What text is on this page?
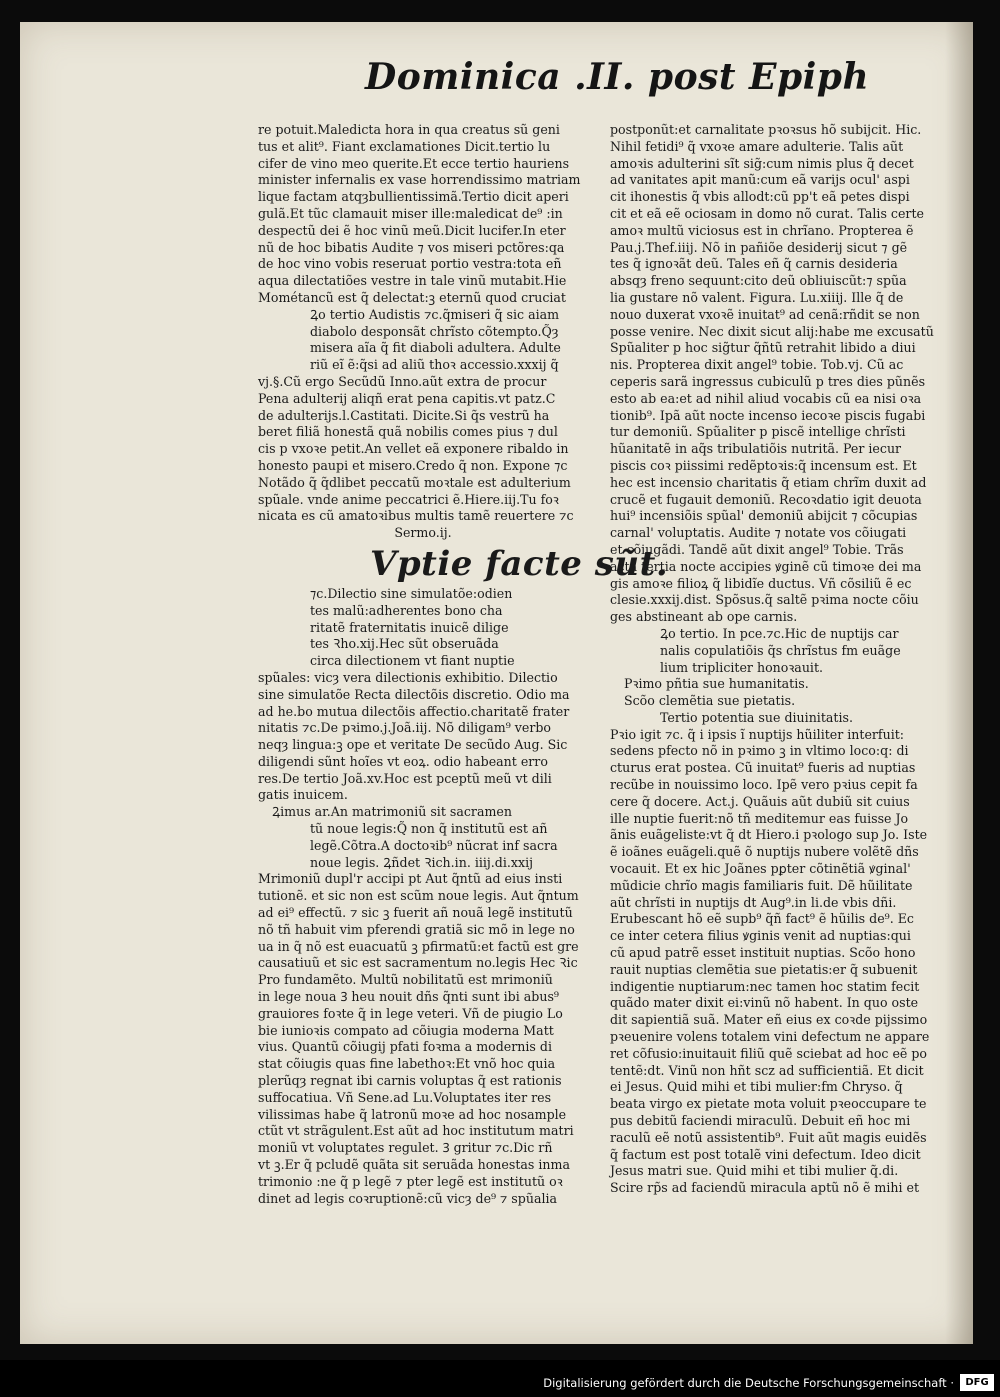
Dominica .II. post Epiph

re potuit.Maledicta hora in qua creatus sũ geni

tus et alit⁹. Fiant exclamationes Dicit.tertio lu

cifer de vino meo querite.Et ecce tertio hauriens

minister infernalis ex vase horrendissimo matriam

lique factam atqȝbullientissimã.Tertio dicit aperi

gulã.Et tũc clamauit miser ille:maledicat de⁹ :in

despectũ dei ẽ hoc vinũ meũ.Dicit lucifer.In eter

nũ de hoc bibatis Audite ⁊ vos miseri pctõres:qa

de hoc vino vobis reseruat portio vestra:tota eñ

aqua dilectatiões vestre in tale vinũ mutabit.Hie

Mométancũ est q̃ delectat:ꝫ eternũ quod cruciat

Ꝝo tertio Audistis ⁊c.q̃miseri q̃ sic aiam

diabolo desponsãt chrĩsto cõtempto.Q̃ȝ

misera aĩa q̃ fit diaboli adultera. Adulte

riũ eĩ ẽ:q̃si ad aliũ thoꝛ accessio.xxxij q̃

vj.§.Cũ ergo Secũdũ Inno.aũt extra de procur

Pena adulterij aliqñ erat pena capitis.vt patz.C

de adulterijs.l.Castitati. Dicite.Si q̃s vestrũ ha

beret filiã honestã quã nobilis comes pius ⁊ dul

cis p vxoꝛe petit.An vellet eã exponere ribaldo in

honesto paupi et misero.Credo q̃ non. Expone ⁊c

Notãdo q̃ q̃dlibet peccatũ moꝛtale est adulterium

spũale. vnde anime peccatrici ẽ.Hiere.iij.Tu foꝛ

nicata es cũ amatoꝛibus multis tamẽ reuertere ⁊c

Sermo.ij.

Vptie facte sũt.

⁊c.Dilectio sine simulatõe:odien

tes malũ:adherentes bono cha

ritatẽ fraternitatis inuicẽ dilige

tes Ꝛho.xij.Hec sũt obseruãda

circa dilectionem vt fiant nuptie

spũales: vicȝ vera dilectionis exhibitio. Dilectio

sine simulatõe Recta dilectõis discretio. Odio ma

ad he.bo mutua dilectõis affectio.charitatẽ frater

nitatis ⁊c.De pꝛimo.j.Joã.iij. Nõ diligam⁹ verbo

neqȝ lingua:ꝫ ope et veritate De secũdo Aug. Sic

diligendi sũnt hoĩes vt eoꝝ. odio habeant erro

res.De tertio Joã.xv.Hoc est pceptũ meũ vt dili

gatis inuicem.

Ꝝimus ar.An matrimoniũ sit sacramen

tũ noue legis:Q̃ non q̃ institutũ est añ

legẽ.Cõtra.A doctoꝛib⁹ nũcrat inf sacra

noue legis. Ꝝñdet Ꝛich.in. iiij.di.xxij

Mrimoniũ dupl'r accipi pt Aut q̃ntũ ad eius insti

tutionẽ. et sic non est scũm noue legis. Aut q̃ntum

ad ei⁹ effectũ. ⁊ sic ꝫ fuerit añ nouã legẽ institutũ

nõ tñ habuit vim pferendi gratiã sic mõ in lege no

ua in q̃ nõ est euacuatũ ꝫ pfirmatũ:et factũ est gre

causatiuũ et sic est sacramentum no.legis Hec Ꝛic

Pro fundamẽto. Multũ nobilitatũ est mrimoniũ

in lege noua Ꝫ heu nouit dñs q̃nti sunt ibi abus⁹

grauiores foꝛte q̃ in lege veteri. Vñ de piugio Lo

bie iunioꝛis compato ad cõiugia moderna Matt

vius. Quantũ cõiugij pfati foꝛma a modernis di

stat cõiugis quas fine labethoꝛ:Et vnõ hoc quia

plerũqȝ regnat ibi carnis voluptas q̃ est rationis

suffocatiua. Vñ Sene.ad Lu.Voluptates iter res

vilissimas habe q̃ latronũ moꝛe ad hoc nosample

ctũt vt strãgulent.Est aũt ad hoc institutum matri

moniũ vt voluptates regulet. Ꝫ gritur ⁊c.Dic rñ

vt ꝫ.Er q̃ pcludẽ quãta sit seruãda honestas inma

trimonio :ne q̃ p legẽ ⁊ pter legẽ est institutũ oꝛ

dinet ad legis coꝛruptionẽ:cũ vicȝ de⁹ ⁊ spũalia

postponũt:et carnalitate pꝛoꝛsus hõ subijcit. Hic.

Nihil fetidi⁹ q̃ vxoꝛe amare adulterie. Talis aũt

amoꝛis adulterini sĩt sig̃:cum nimis plus q̃ decet

ad vanitates apit manũ:cum eã varijs ocul' aspi

cit ihonestis q̃ vbis allodt:cũ pp't eã petes dispi

cit et eã eẽ ociosam in domo nõ curat. Talis certe

amoꝛ multũ viciosus est in chrĩano. Propterea ẽ

Pau.j.Thef.iiij. Nõ in pañiõe desiderij sicut ⁊ gẽ

tes q̃ ignoꝛãt deũ. Tales eñ q̃ carnis desideria

absqȝ freno sequunt:cito deũ obliuiscũt:⁊ spũa

lia gustare nõ valent. Figura. Lu.xiiij. Ille q̃ de

nouo duxerat vxoꝛẽ inuitat⁹ ad cenã:rñdit se non

posse venire. Nec dixit sicut alij:habe me excusatũ

Spũaliter p hoc sig̃tur q̃ñtũ retrahit libido a diui

nis. Propterea dixit angel⁹ tobie. Tob.vj. Cũ ac

ceperis sarã ingressus cubiculũ p tres dies pũnẽs

esto ab ea:et ad nihil aliud vocabis cũ ea nisi oꝛa

tionib⁹. Ipã aũt nocte incenso iecoꝛe piscis fugabi

tur demoniũ. Spũaliter p piscẽ intellige chrĩsti

hũanitatẽ in aq̃s tribulatiõis nutritã. Per iecur

piscis coꝛ piissimi redẽptoꝛis:q̃ incensum est. Et

hec est incensio charitatis q̃ etiam chrĩm duxit ad

crucẽ et fugauit demoniũ. Recoꝛdatio igit deuota

hui⁹ incensiõis spũal' demoniũ abijcit ⁊ cõcupias

carnal' voluptatis. Audite ⁊ notate vos cõiugati

et cõiugãdi. Tandẽ aũt dixit angel⁹ Tobie. Trãs

acta tertia nocte accipies ꝟginẽ cũ timoꝛe dei ma

gis amoꝛe filioꝝ q̃ libidĩe ductus. Vñ cõsiliũ ẽ ec

clesie.xxxij.dist. Spõsus.q̃ saltẽ pꝛima nocte cõiu

ges abstineant ab ope carnis.

Ꝝo tertio. In pce.⁊c.Hic de nuptijs car

nalis copulatiõis q̃s chrĩstus fm euãge

lium tripliciter honoꝛauit.

Pꝛimo pñtia sue humanitatis.

Scõo clemẽtia sue pietatis.

Tertio potentia sue diuinitatis.

Pꝛio igit ⁊c. q̃ i ipsis ĩ nuptijs hũiliter interfuit:

sedens pfecto nõ in pꝛimo ꝫ in vltimo loco:q: di

cturus erat postea. Cũ inuitat⁹ fueris ad nuptias

recũbe in nouissimo loco. Ipẽ vero pꝛius cepit fa

cere q̃ docere. Act.j. Quãuis aũt dubiũ sit cuius

ille nuptie fuerit:nõ tñ meditemur eas fuisse Jo

ãnis euãgeliste:vt q̃ dt Hiero.i pꝛologo sup Jo. Iste

ẽ ioãnes euãgeli.quẽ õ nuptijs nubere volẽtẽ dñs

vocauit. Et ex hic Joãnes pꝑter cõtinẽtiã ꝟginal'

mũdicie chrĩo magis familiaris fuit. Dẽ hũilitate

aũt chrĩsti in nuptijs dt Aug⁹.in li.de vbis dñi.

Erubescant hõ eẽ supb⁹ q̃ñ fact⁹ ẽ hũilis de⁹. Ec

ce inter cetera filius ꝟginis venit ad nuptias:qui

cũ apud patrẽ esset instituit nuptias. Scõo hono

rauit nuptias clemẽtia sue pietatis:er q̃ subuenit

indigentie nuptiarum:nec tamen hoc statim fecit

quãdo mater dixit ei:vinũ nõ habent. In quo oste

dit sapientiã suã. Mater eñ eius ex coꝛde pijssimo

pꝛeuenire volens totalem vini defectum ne appare

ret cõfusio:inuitauit filiũ quẽ sciebat ad hoc eẽ po

tentẽ:dt. Vinũ non hñt scz ad sufficientiã. Et dicit

ei Jesus. Quid mihi et tibi mulier:fm Chryso. q̃

beata virgo ex pietate mota voluit pꝛeoccupare te

pus debitũ faciendi miraculũ. Debuit eñ hoc mi

raculũ eẽ notũ assistentib⁹. Fuit aũt magis euidẽs

q̃ factum est post totalẽ vini defectum. Ideo dicit

Jesus matri sue. Quid mihi et tibi mulier q̃.di.

Scire rp̃s ad faciendũ miracula aptũ nõ ẽ mihi et

Digitalisierung gefördert durch die Deutsche Forschungsgemeinschaft ·	DFG
